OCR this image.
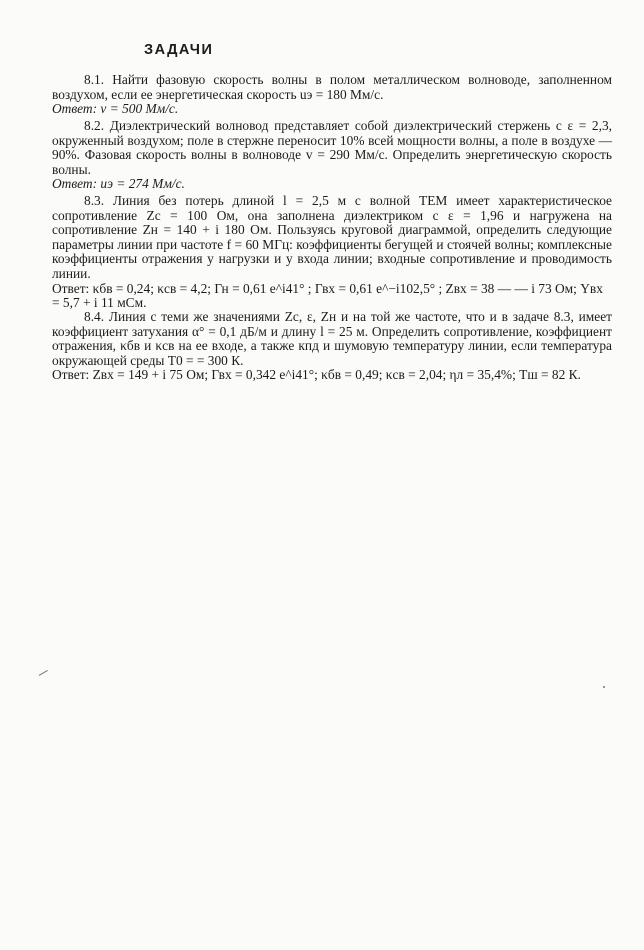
ЗАДАЧИ

8.1. Найти фазовую скорость волны в полом металлическом волноводе, заполненном воздухом, если ее энергетическая скорость uэ = 180 Мм/с.

Ответ: v = 500 Мм/с.

8.2. Диэлектрический волновод представляет собой диэлектрический стержень с ε = 2,3, окруженный воздухом; поле в стержне переносит 10% всей мощности волны, а поле в воздухе — 90%. Фазовая скорость волны в волноводе v = 290 Мм/с. Определить энергетическую скорость волны.

Ответ: uэ = 274 Мм/с.

8.3. Линия без потерь длиной l = 2,5 м с волной ТЕМ имеет характеристическое сопротивление Zс = 100 Ом, она заполнена диэлектриком с ε = 1,96 и нагружена на сопротивление Zн = 140 + i 180 Ом. Пользуясь круговой диаграммой, определить следующие параметры линии при частоте f = 60 МГц: коэффициенты бегущей и стоячей волны; комплексные коэффициенты отражения у нагрузки и у входа линии; входные сопротивление и проводимость линии.

Ответ: κбв = 0,24; κсв = 4,2; Гн = 0,61 e^i41° ; Гвх = 0,61 e^−i102,5° ; Zвх = 38 — — i 73 Ом; Yвх = 5,7 + i 11 мСм.

8.4. Линия с теми же значениями Zс, ε, Zн и на той же частоте, что и в задаче 8.3, имеет коэффициент затухания α° = 0,1 дБ/м и длину l = 25 м. Определить сопротивление, коэффициент отражения, κбв и κсв на ее входе, а также кпд и шумовую температуру линии, если температура окружающей среды T0 = = 300 К.

Ответ: Zвх = 149 + i 75 Ом; Гвх = 0,342 e^i41°; κбв = 0,49; κсв = 2,04; ηл = 35,4%; Tш = 82 К.
